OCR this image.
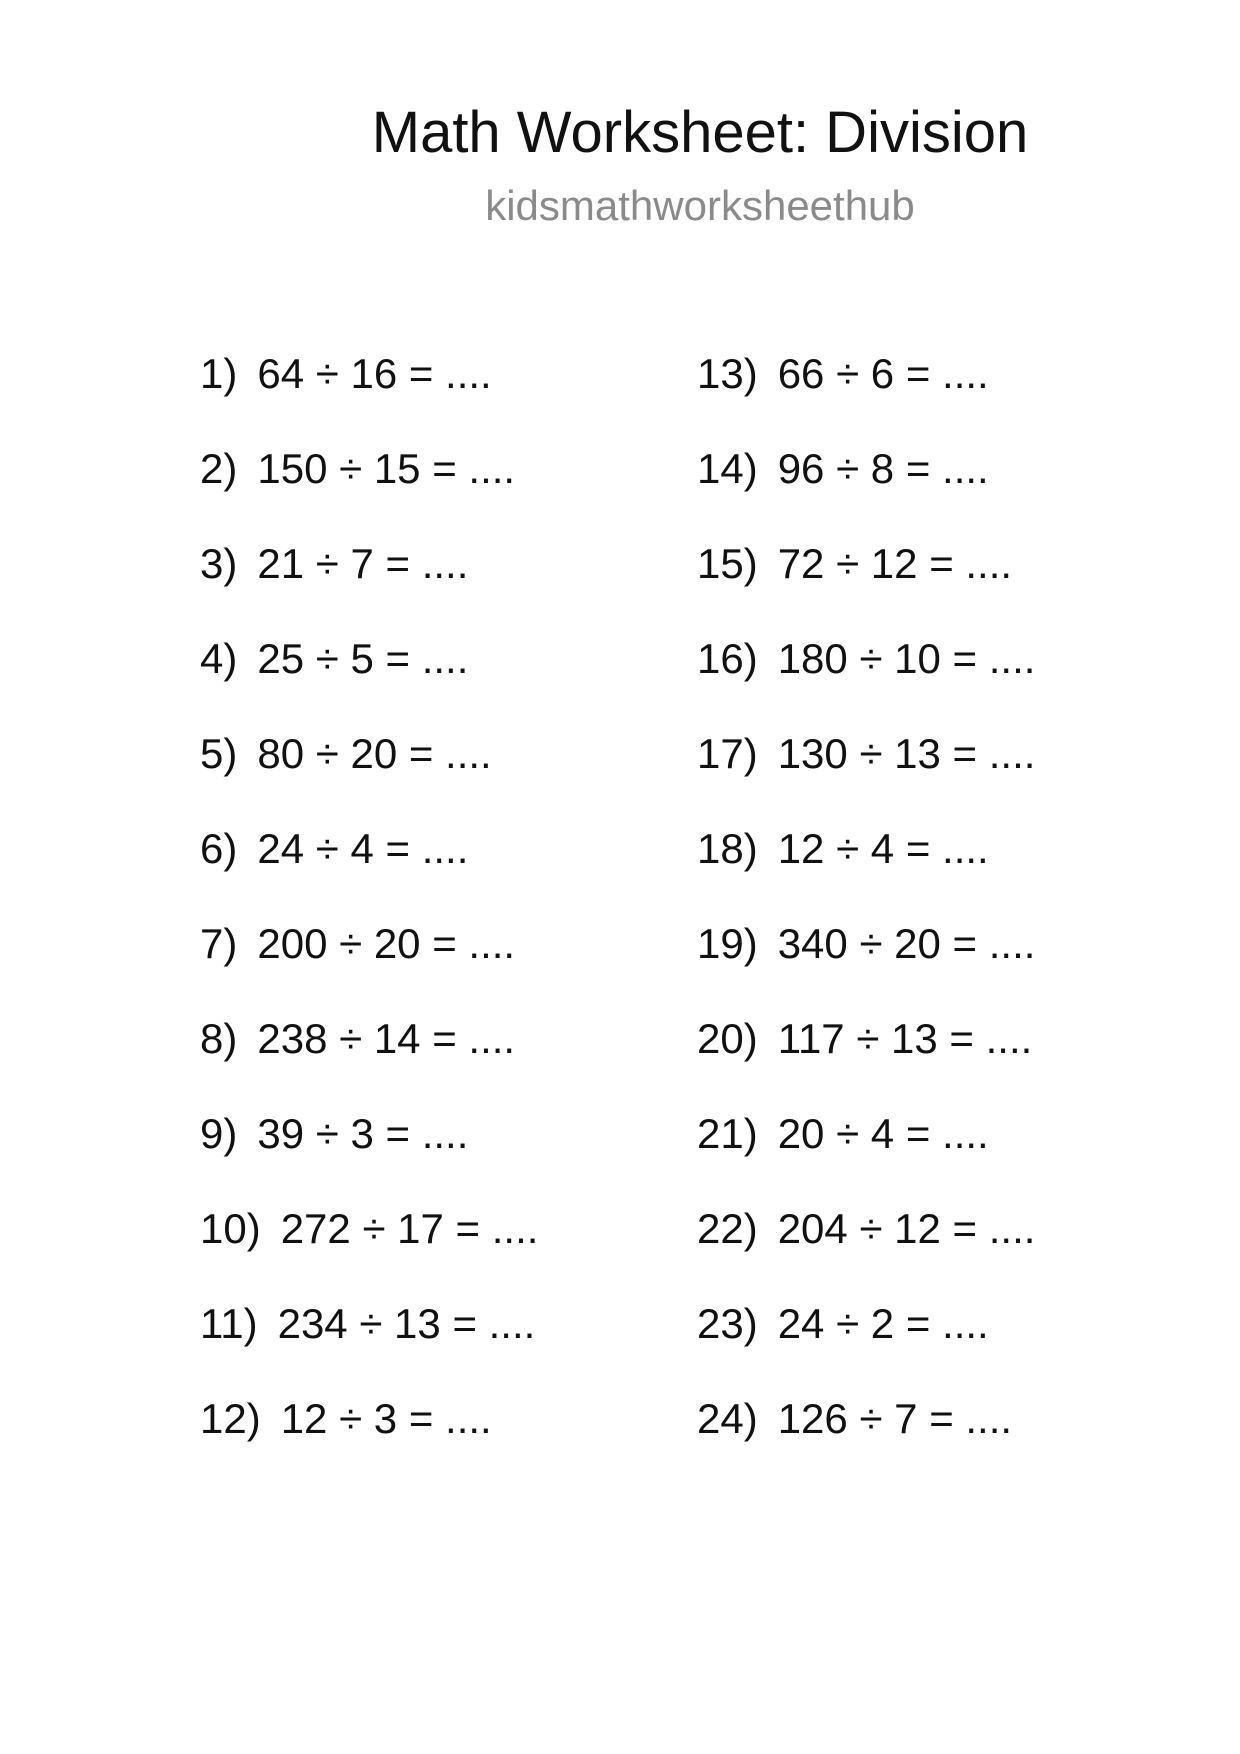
Math Worksheet: Division
kidsmathworksheethub
1) 64 ÷ 16 = ....
2) 150 ÷ 15 = ....
3) 21 ÷ 7 = ....
4) 25 ÷ 5 = ....
5) 80 ÷ 20 = ....
6) 24 ÷ 4 = ....
7) 200 ÷ 20 = ....
8) 238 ÷ 14 = ....
9) 39 ÷ 3 = ....
10) 272 ÷ 17 = ....
11) 234 ÷ 13 = ....
12) 12 ÷ 3 = ....
13) 66 ÷ 6 = ....
14) 96 ÷ 8 = ....
15) 72 ÷ 12 = ....
16) 180 ÷ 10 = ....
17) 130 ÷ 13 = ....
18) 12 ÷ 4 = ....
19) 340 ÷ 20 = ....
20) 117 ÷ 13 = ....
21) 20 ÷ 4 = ....
22) 204 ÷ 12 = ....
23) 24 ÷ 2 = ....
24) 126 ÷ 7 = ....
